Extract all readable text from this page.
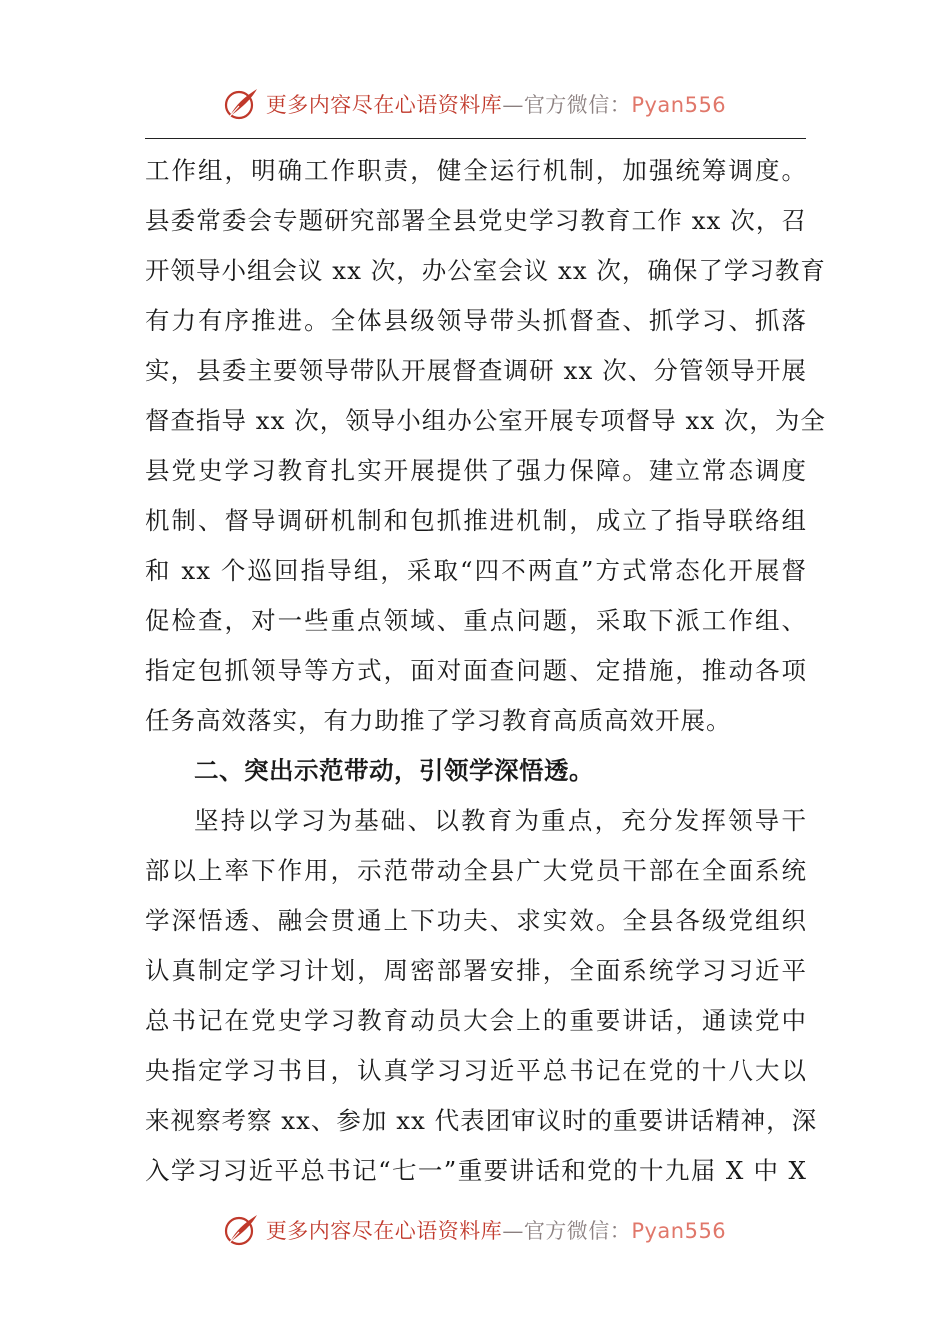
更多内容尽在心语资料库—官方微信：Pyan556
工作组，明确工作职责，健全运行机制，加强统筹调度。
县委常委会专题研究部署全县党史学习教育工作 xx 次，召
开领导小组会议 xx 次，办公室会议 xx 次，确保了学习教育
有力有序推进。全体县级领导带头抓督查、抓学习、抓落
实，县委主要领导带队开展督查调研 xx 次、分管领导开展
督查指导 xx 次，领导小组办公室开展专项督导 xx 次，为全
县党史学习教育扎实开展提供了强力保障。建立常态调度
机制、督导调研机制和包抓推进机制，成立了指导联络组
和 xx 个巡回指导组，采取“四不两直”方式常态化开展督
促检查，对一些重点领域、重点问题，采取下派工作组、
指定包抓领导等方式，面对面查问题、定措施，推动各项
任务高效落实，有力助推了学习教育高质高效开展。
二、突出示范带动，引领学深悟透。
坚持以学习为基础、以教育为重点，充分发挥领导干
部以上率下作用，示范带动全县广大党员干部在全面系统
学深悟透、融会贯通上下功夫、求实效。全县各级党组织
认真制定学习计划，周密部署安排，全面系统学习习近平
总书记在党史学习教育动员大会上的重要讲话，通读党中
央指定学习书目，认真学习习近平总书记在党的十八大以
来视察考察 xx、参加 xx 代表团审议时的重要讲话精神，深
入学习习近平总书记“七一”重要讲话和党的十九届 X 中 X
更多内容尽在心语资料库—官方微信：Pyan556
